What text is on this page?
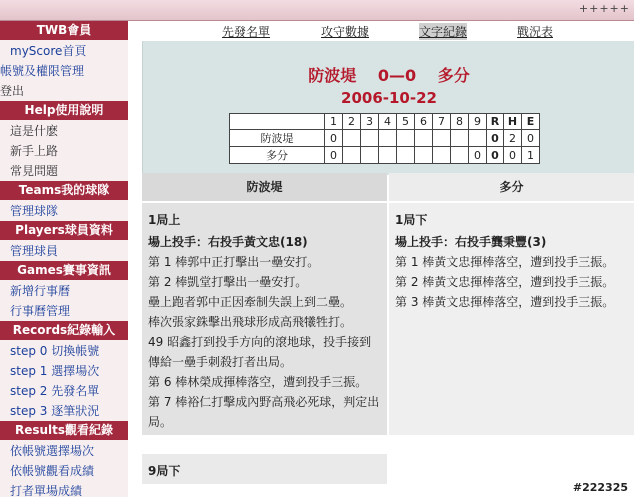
+++++
TWB會員
myScore首頁
帳號及權限管理
登出
Help使用說明
這是什麽
新手上路
常見問題
Teams我的球隊
管理球隊
Players球員資料
管理球員
Games賽事資訊
新增行事曆
行事曆管理
Records紀錄輸入
step 0 切換帳號
step 1 選擇場次
step 2 先發名單
step 3 逐筆狀況
Results觀看紀錄
依帳號選擇場次
依帳號觀看成績
打者單場成績
先發名單	攻守數據	文字紀錄	戰況表
防波堤 0—0 多分
2006-10-22
	1	2	3	4	5	6	7	8	9	R	H	E
防波堤	0									0	2	0
多分	0								0	0	0	1
防波堤
1局上
場上投手：右投手黃文忠(18)
第 1 棒郭中正打擊出一壘安打。
第 2 棒凱堂打擊出一壘安打。
壘上跑者郭中正因牽制失誤上到二壘。
棒次張家銖擊出飛球形成高飛犧牲打。
49 昭鑫打到投手方向的滾地球，投手接到傳給一壘手刺殺打者出局。
第 6 棒林榮成揮棒落空，遭到投手三振。
第 7 棒裕仁打擊成內野高飛必死球，判定出局。
多分
1局下
場上投手：右投手龔秉豐(3)
第 1 棒黃文忠揮棒落空，遭到投手三振。
第 2 棒黃文忠揮棒落空，遭到投手三振。
第 3 棒黃文忠揮棒落空，遭到投手三振。
9局下
#222325
